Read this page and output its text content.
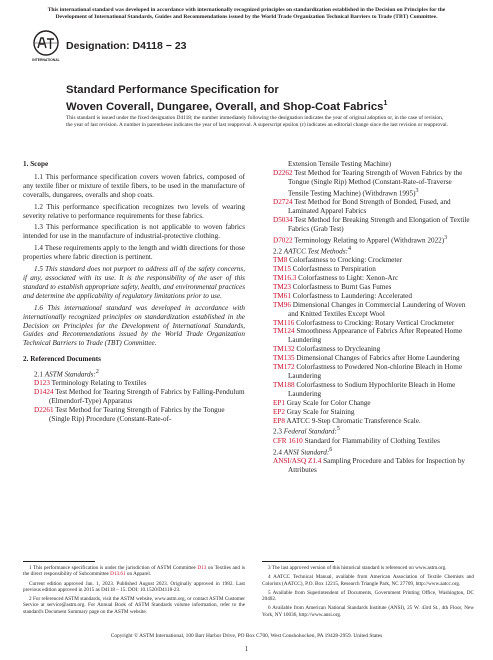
This international standard was developed in accordance with internationally recognized principles on standardization established in the Decision on Principles for the Development of International Standards, Guides and Recommendations issued by the World Trade Organization Technical Barriers to Trade (TBT) Committee.
INTERNATIONAL
Designation: D4118 − 23
Standard Performance Specification for
Woven Coverall, Dungaree, Overall, and Shop-Coat Fabrics$^1$
This standard is issued under the fixed designation D4118; the number immediately following the designation indicates the year of original adoption or, in the case of revision, the year of last revision. A number in parentheses indicates the year of last reapproval. A superscript epsilon (ε) indicates an editorial change since the last revision or reapproval.
1. Scope

1.1 This performance specification covers woven fabrics, composed of any textile fiber or mixture of textile fibers, to be used in the manufacture of coveralls, dungarees, overalls and shop coats.

1.2 This performance specification recognizes two levels of wearing severity relative to performance requirements for these fabrics.

1.3 This performance specification is not applicable to woven fabrics intended for use in the manufacture of industrial-protective clothing.

1.4 These requirements apply to the length and width directions for those properties where fabric direction is pertinent.

1.5 This standard does not purport to address all of the safety concerns, if any, associated with its use. It is the responsibility of the user of this standard to establish appropriate safety, health, and environmental practices and determine the applicability of regulatory limitations prior to use.

1.6 This international standard was developed in accordance with internationally recognized principles on standardization established in the Decision on Principles for the Development of International Standards, Guides and Recommendations issued by the World Trade Organization Technical Barriers to Trade (TBT) Committee.

2. Referenced Documents

2.1 ASTM Standards:$^2$

D123 Terminology Relating to Textiles

D1424 Test Method for Tearing Strength of Fabrics by Falling-Pendulum (Elmendorf-Type) Apparatus

D2261 Test Method for Tearing Strength of Fabrics by the Tongue (Single Rip) Procedure (Constant-Rate-of-

Extension Tensile Testing Machine)

D2262 Test Method for Tearing Strength of Woven Fabrics by the Tongue (Single Rip) Method (Constant-Rate-of-Traverse Tensile Testing Machine) (Withdrawn 1995)$^3$

D2724 Test Method for Bond Strength of Bonded, Fused, and Laminated Apparel Fabrics

D5034 Test Method for Breaking Strength and Elongation of Textile Fabrics (Grab Test)

D7022 Terminology Relating to Apparel (Withdrawn 2022)$^3$

2.2 AATCC Test Methods:$^4$

TM8 Colorfastness to Crocking: Crockmeter

TM15 Colorfastness to Perspiration

TM16.3 Colorfastness to Light: Xenon-Arc

TM23 Colorfastness to Burnt Gas Fumes

TM61 Colorfastness to Laundering: Accelerated

TM96 Dimensional Changes in Commercial Laundering of Woven and Knitted Textiles Except Wool

TM116 Colorfastness to Crocking: Rotary Vertical Crockmeter

TM124 Smoothness Appearance of Fabrics After Repeated Home Laundering

TM132 Colorfastness to Drycleaning

TM135 Dimensional Changes of Fabrics after Home Laundering

TM172 Colorfastness to Powdered Non-chlorine Bleach in Home Laundering

TM188 Colorfastness to Sodium Hypochlorite Bleach in Home Laundering

EP1 Gray Scale for Color Change

EP2 Gray Scale for Staining

EP8 AATCC 9-Step Chromatic Transference Scale.

2.3 Federal Standard:$^5$

CFR 1610 Standard for Flammability of Clothing Textiles

2.4 ANSI Standard:$^6$

ANSI/ASQ Z1.4 Sampling Procedure and Tables for Inspection by Attributes

1 This performance specification is under the jurisdiction of ASTM Committee D13 on Textiles and is the direct responsibility of Subcommittee D13.61 on Apparel.

Current edition approved Jan. 1, 2023. Published August 2023. Originally approved in 1982. Last previous edition approved in 2015 as D4118 – 15. DOI: 10.1520/D4118-23.

2 For referenced ASTM standards, visit the ASTM website, www.astm.org, or contact ASTM Customer Service at service@astm.org. For Annual Book of ASTM Standards volume information, refer to the standard's Document Summary page on the ASTM website.

3 The last approved version of this historical standard is referenced on www.astm.org.

4 AATCC Technical Manual, available from American Association of Textile Chemists and Colorists (AATCC), P.O. Box 12215, Research Triangle Park, NC 27709, http://www.aatcc.org.

5 Available from Superintendent of Documents, Government Printing Office, Washington, DC 20402.

6 Available from American National Standards Institute (ANSI), 25 W. 43rd St., 4th Floor, New York, NY 10036, http://www.ansi.org.

Copyright © ASTM International, 100 Barr Harbor Drive, PO Box C700, West Conshohocken, PA 19428-2959. United States
1
